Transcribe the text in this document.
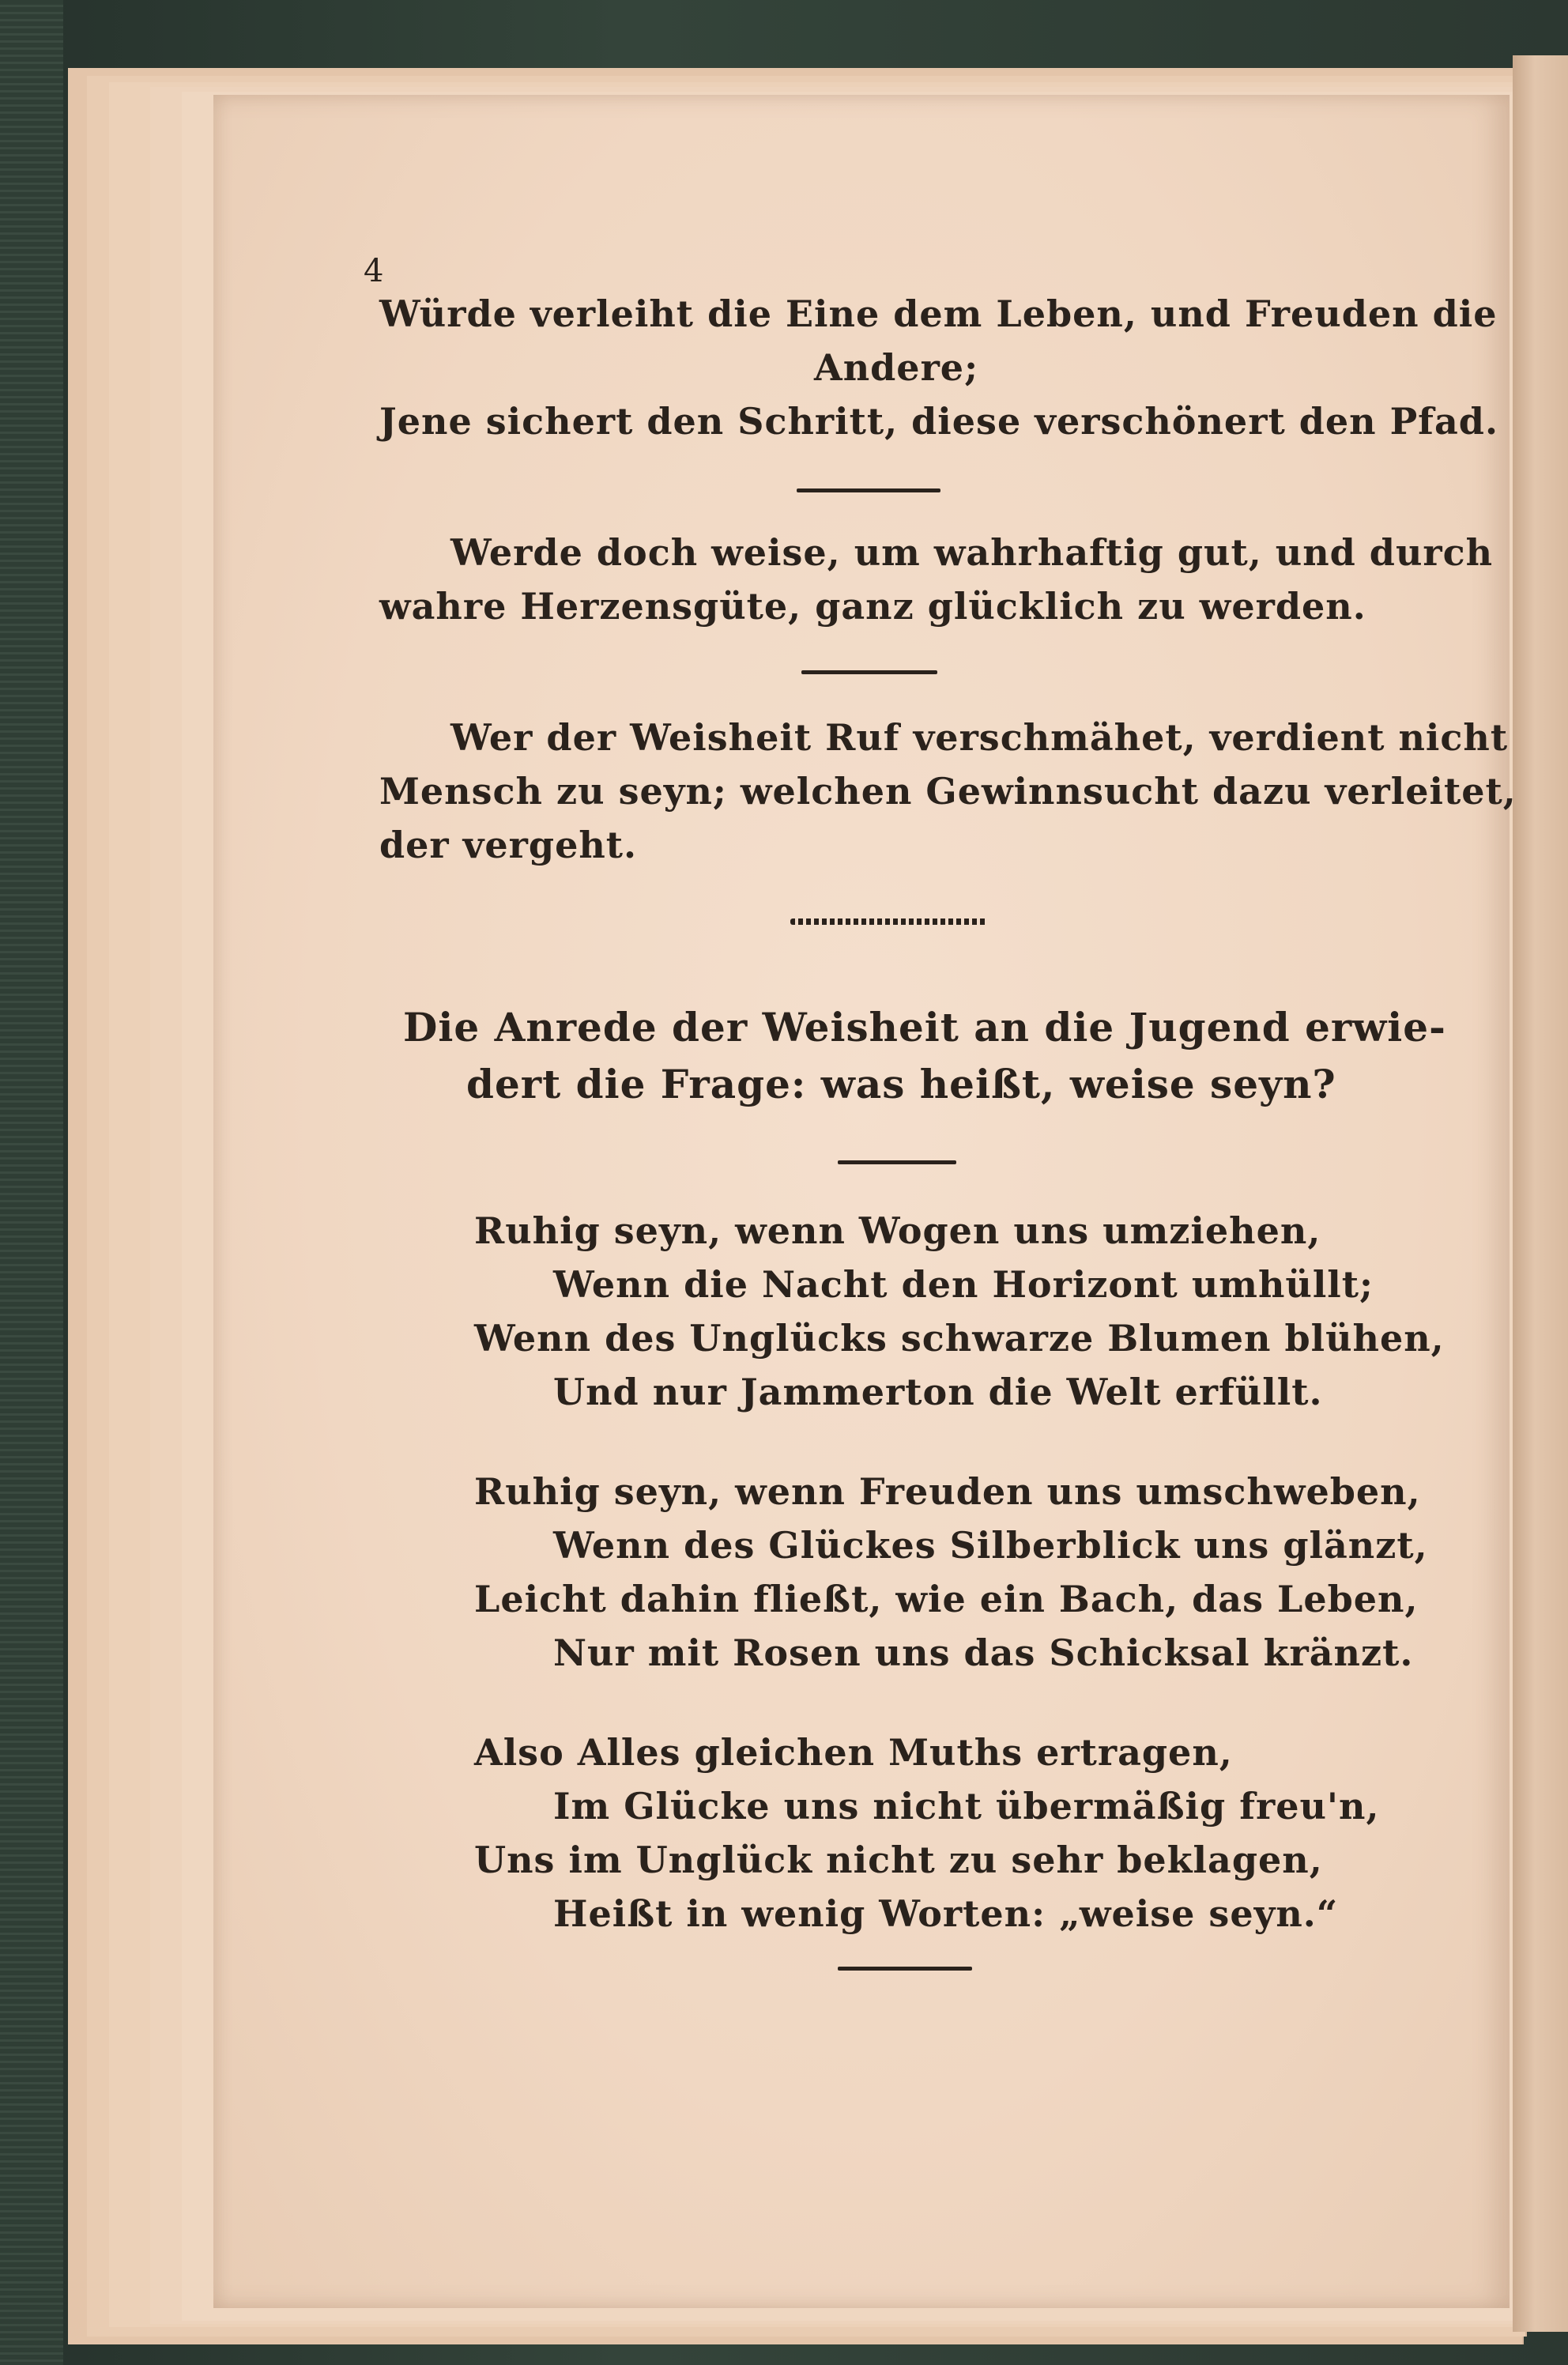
4
Würde verleiht die Eine dem Leben, und Freuden die
Andere;
Jene sichert den Schritt, diese verschönert den Pfad.
Werde doch weise, um wahrhaftig gut, und durch
wahre Herzensgüte, ganz glücklich zu werden.
Wer der Weisheit Ruf verschmähet, verdient nicht
Mensch zu seyn; welchen Gewinnsucht dazu verleitet,
der vergeht.
Die Anrede der Weisheit an die Jugend erwie-
dert die Frage: was heißt, weise seyn?
Ruhig seyn, wenn Wogen uns umziehen,
Wenn die Nacht den Horizont umhüllt;
Wenn des Unglücks schwarze Blumen blühen,
Und nur Jammerton die Welt erfüllt.
Ruhig seyn, wenn Freuden uns umschweben,
Wenn des Glückes Silberblick uns glänzt,
Leicht dahin fließt, wie ein Bach, das Leben,
Nur mit Rosen uns das Schicksal kränzt.
Also Alles gleichen Muths ertragen,
Im Glücke uns nicht übermäßig freu'n,
Uns im Unglück nicht zu sehr beklagen,
Heißt in wenig Worten: „weise seyn.“
